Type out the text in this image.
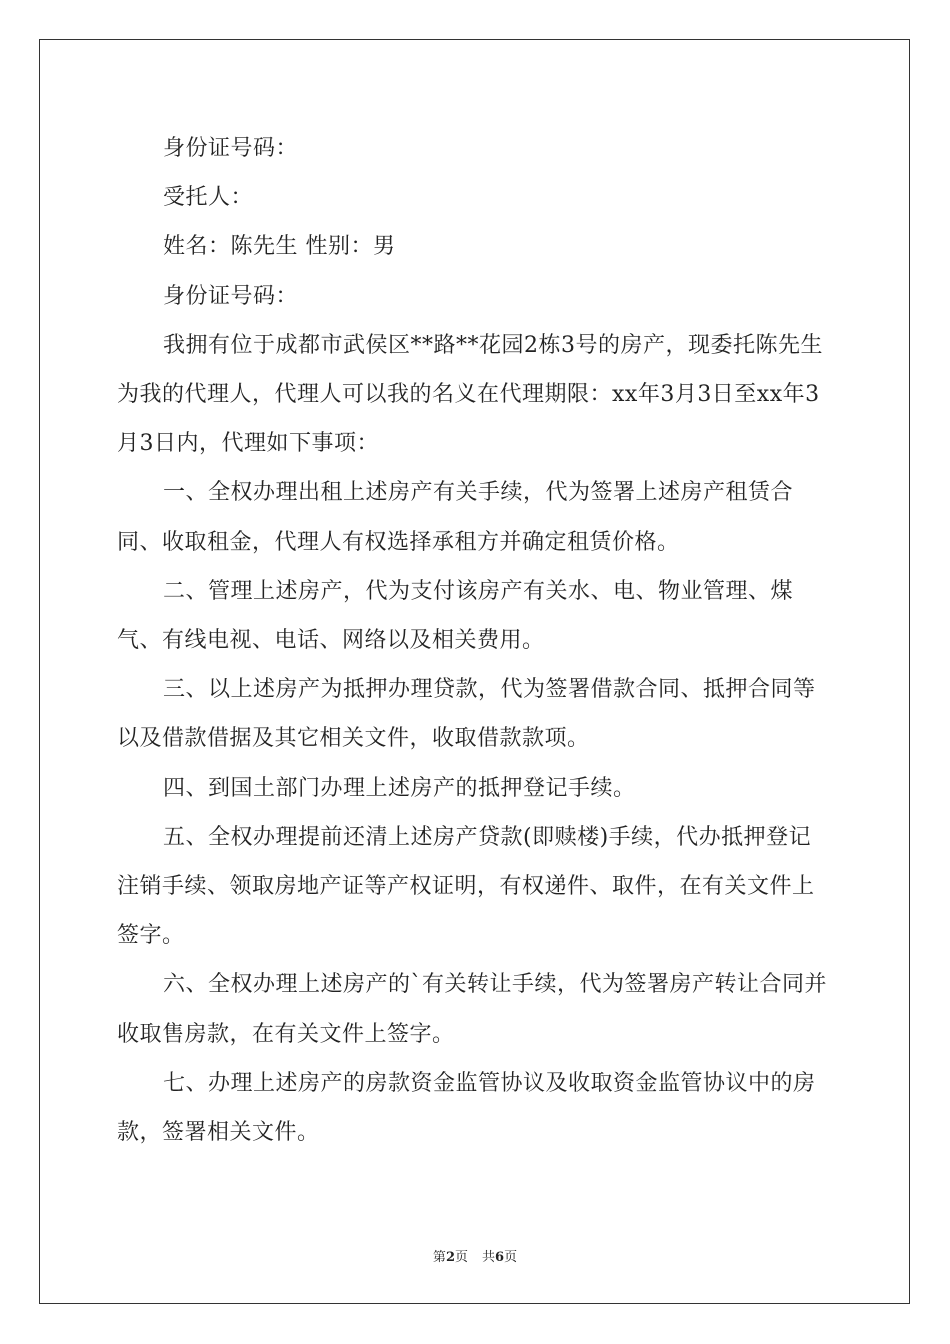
身份证号码：

受托人：

姓名：陈先生 性别：男

身份证号码：

我拥有位于成都市武侯区**路**花园2栋3号的房产，现委托陈先生为我的代理人，代理人可以我的名义在代理期限：xx年3月3日至xx年3月3日内，代理如下事项：

一、全权办理出租上述房产有关手续，代为签署上述房产租赁合同、收取租金，代理人有权选择承租方并确定租赁价格。

二、管理上述房产，代为支付该房产有关水、电、物业管理、煤气、有线电视、电话、网络以及相关费用。

三、以上述房产为抵押办理贷款，代为签署借款合同、抵押合同等以及借款借据及其它相关文件，收取借款款项。

四、到国土部门办理上述房产的抵押登记手续。

五、全权办理提前还清上述房产贷款(即赎楼)手续，代办抵押登记注销手续、领取房地产证等产权证明，有权递件、取件，在有关文件上签字。

六、全权办理上述房产的`有关转让手续，代为签署房产转让合同并收取售房款，在有关文件上签字。

七、办理上述房产的房款资金监管协议及收取资金监管协议中的房款，签署相关文件。

第2页 共6页
